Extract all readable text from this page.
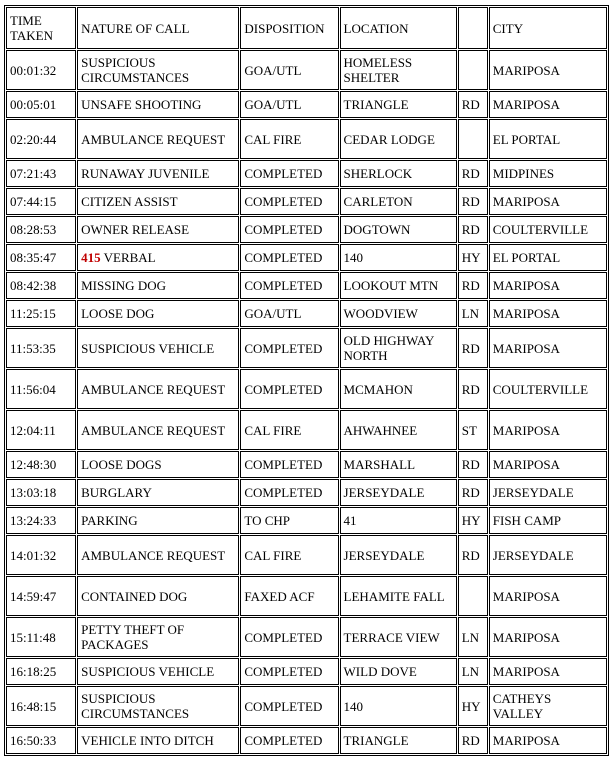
TIME TAKEN	NATURE OF CALL	DISPOSITION	LOCATION		CITY
00:01:32	SUSPICIOUS CIRCUMSTANCES	GOA/UTL	HOMELESS SHELTER		MARIPOSA
00:05:01	UNSAFE SHOOTING	GOA/UTL	TRIANGLE	RD	MARIPOSA
02:20:44	AMBULANCE REQUEST	CAL FIRE	CEDAR LODGE		EL PORTAL
07:21:43	RUNAWAY JUVENILE	COMPLETED	SHERLOCK	RD	MIDPINES
07:44:15	CITIZEN ASSIST	COMPLETED	CARLETON	RD	MARIPOSA
08:28:53	OWNER RELEASE	COMPLETED	DOGTOWN	RD	COULTERVILLE
08:35:47	415 VERBAL	COMPLETED	140	HY	EL PORTAL
08:42:38	MISSING DOG	COMPLETED	LOOKOUT MTN	RD	MARIPOSA
11:25:15	LOOSE DOG	GOA/UTL	WOODVIEW	LN	MARIPOSA
11:53:35	SUSPICIOUS VEHICLE	COMPLETED	OLD HIGHWAY NORTH	RD	MARIPOSA
11:56:04	AMBULANCE REQUEST	COMPLETED	MCMAHON	RD	COULTERVILLE
12:04:11	AMBULANCE REQUEST	CAL FIRE	AHWAHNEE	ST	MARIPOSA
12:48:30	LOOSE DOGS	COMPLETED	MARSHALL	RD	MARIPOSA
13:03:18	BURGLARY	COMPLETED	JERSEYDALE	RD	JERSEYDALE
13:24:33	PARKING	TO CHP	41	HY	FISH CAMP
14:01:32	AMBULANCE REQUEST	CAL FIRE	JERSEYDALE	RD	JERSEYDALE
14:59:47	CONTAINED DOG	FAXED ACF	LEHAMITE FALL		MARIPOSA
15:11:48	PETTY THEFT OF PACKAGES	COMPLETED	TERRACE VIEW	LN	MARIPOSA
16:18:25	SUSPICIOUS VEHICLE	COMPLETED	WILD DOVE	LN	MARIPOSA
16:48:15	SUSPICIOUS CIRCUMSTANCES	COMPLETED	140	HY	CATHEYS VALLEY
16:50:33	VEHICLE INTO DITCH	COMPLETED	TRIANGLE	RD	MARIPOSA
